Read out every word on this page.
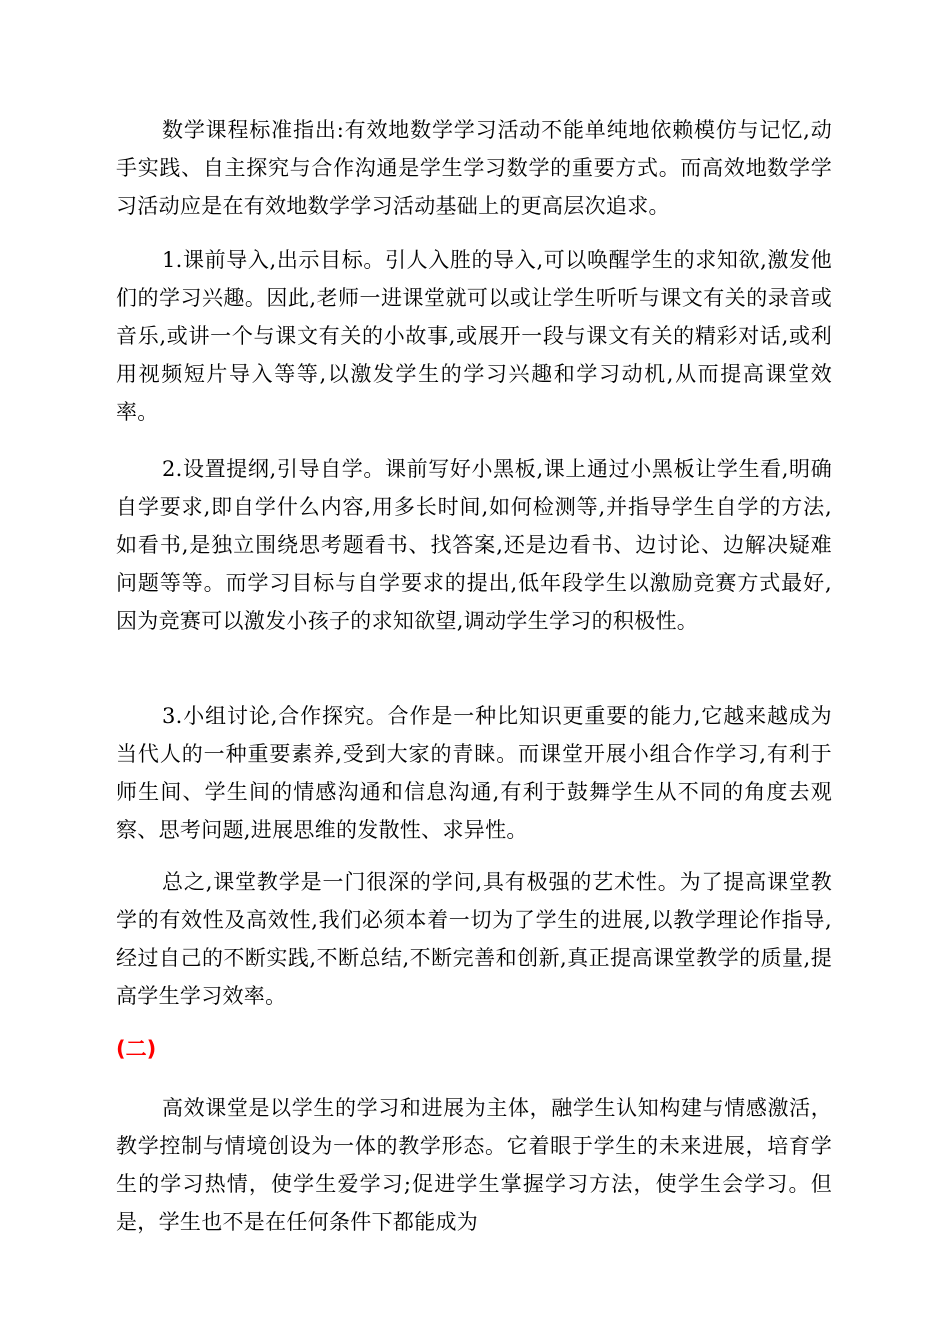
数学课程标准指出:有效地数学学习活动不能单纯地依赖模仿与记忆,动手实践、自主探究与合作沟通是学生学习数学的重要方式。而高效地数学学习活动应是在有效地数学学习活动基础上的更高层次追求。

1.课前导入,出示目标。引人入胜的导入,可以唤醒学生的求知欲,激发他们的学习兴趣。因此,老师一进课堂就可以或让学生听听与课文有关的录音或音乐,或讲一个与课文有关的小故事,或展开一段与课文有关的精彩对话,或利用视频短片导入等等,以激发学生的学习兴趣和学习动机,从而提高课堂效率。

2.设置提纲,引导自学。课前写好小黑板,课上通过小黑板让学生看,明确自学要求,即自学什么内容,用多长时间,如何检测等,并指导学生自学的方法,如看书,是独立围绕思考题看书、找答案,还是边看书、边讨论、边解决疑难问题等等。而学习目标与自学要求的提出,低年段学生以激励竞赛方式最好,因为竞赛可以激发小孩子的求知欲望,调动学生学习的积极性。

3.小组讨论,合作探究。合作是一种比知识更重要的能力,它越来越成为当代人的一种重要素养,受到大家的青睐。而课堂开展小组合作学习,有利于师生间、学生间的情感沟通和信息沟通,有利于鼓舞学生从不同的角度去观察、思考问题,进展思维的发散性、求异性。

总之,课堂教学是一门很深的学问,具有极强的艺术性。为了提高课堂教学的有效性及高效性,我们必须本着一切为了学生的进展,以教学理论作指导,经过自己的不断实践,不断总结,不断完善和创新,真正提高课堂教学的质量,提高学生学习效率。

(二)

高效课堂是以学生的学习和进展为主体，融学生认知构建与情感激活，教学控制与情境创设为一体的教学形态。它着眼于学生的未来进展，培育学生的学习热情，使学生爱学习;促进学生掌握学习方法，使学生会学习。但是，学生也不是在任何条件下都能成为
